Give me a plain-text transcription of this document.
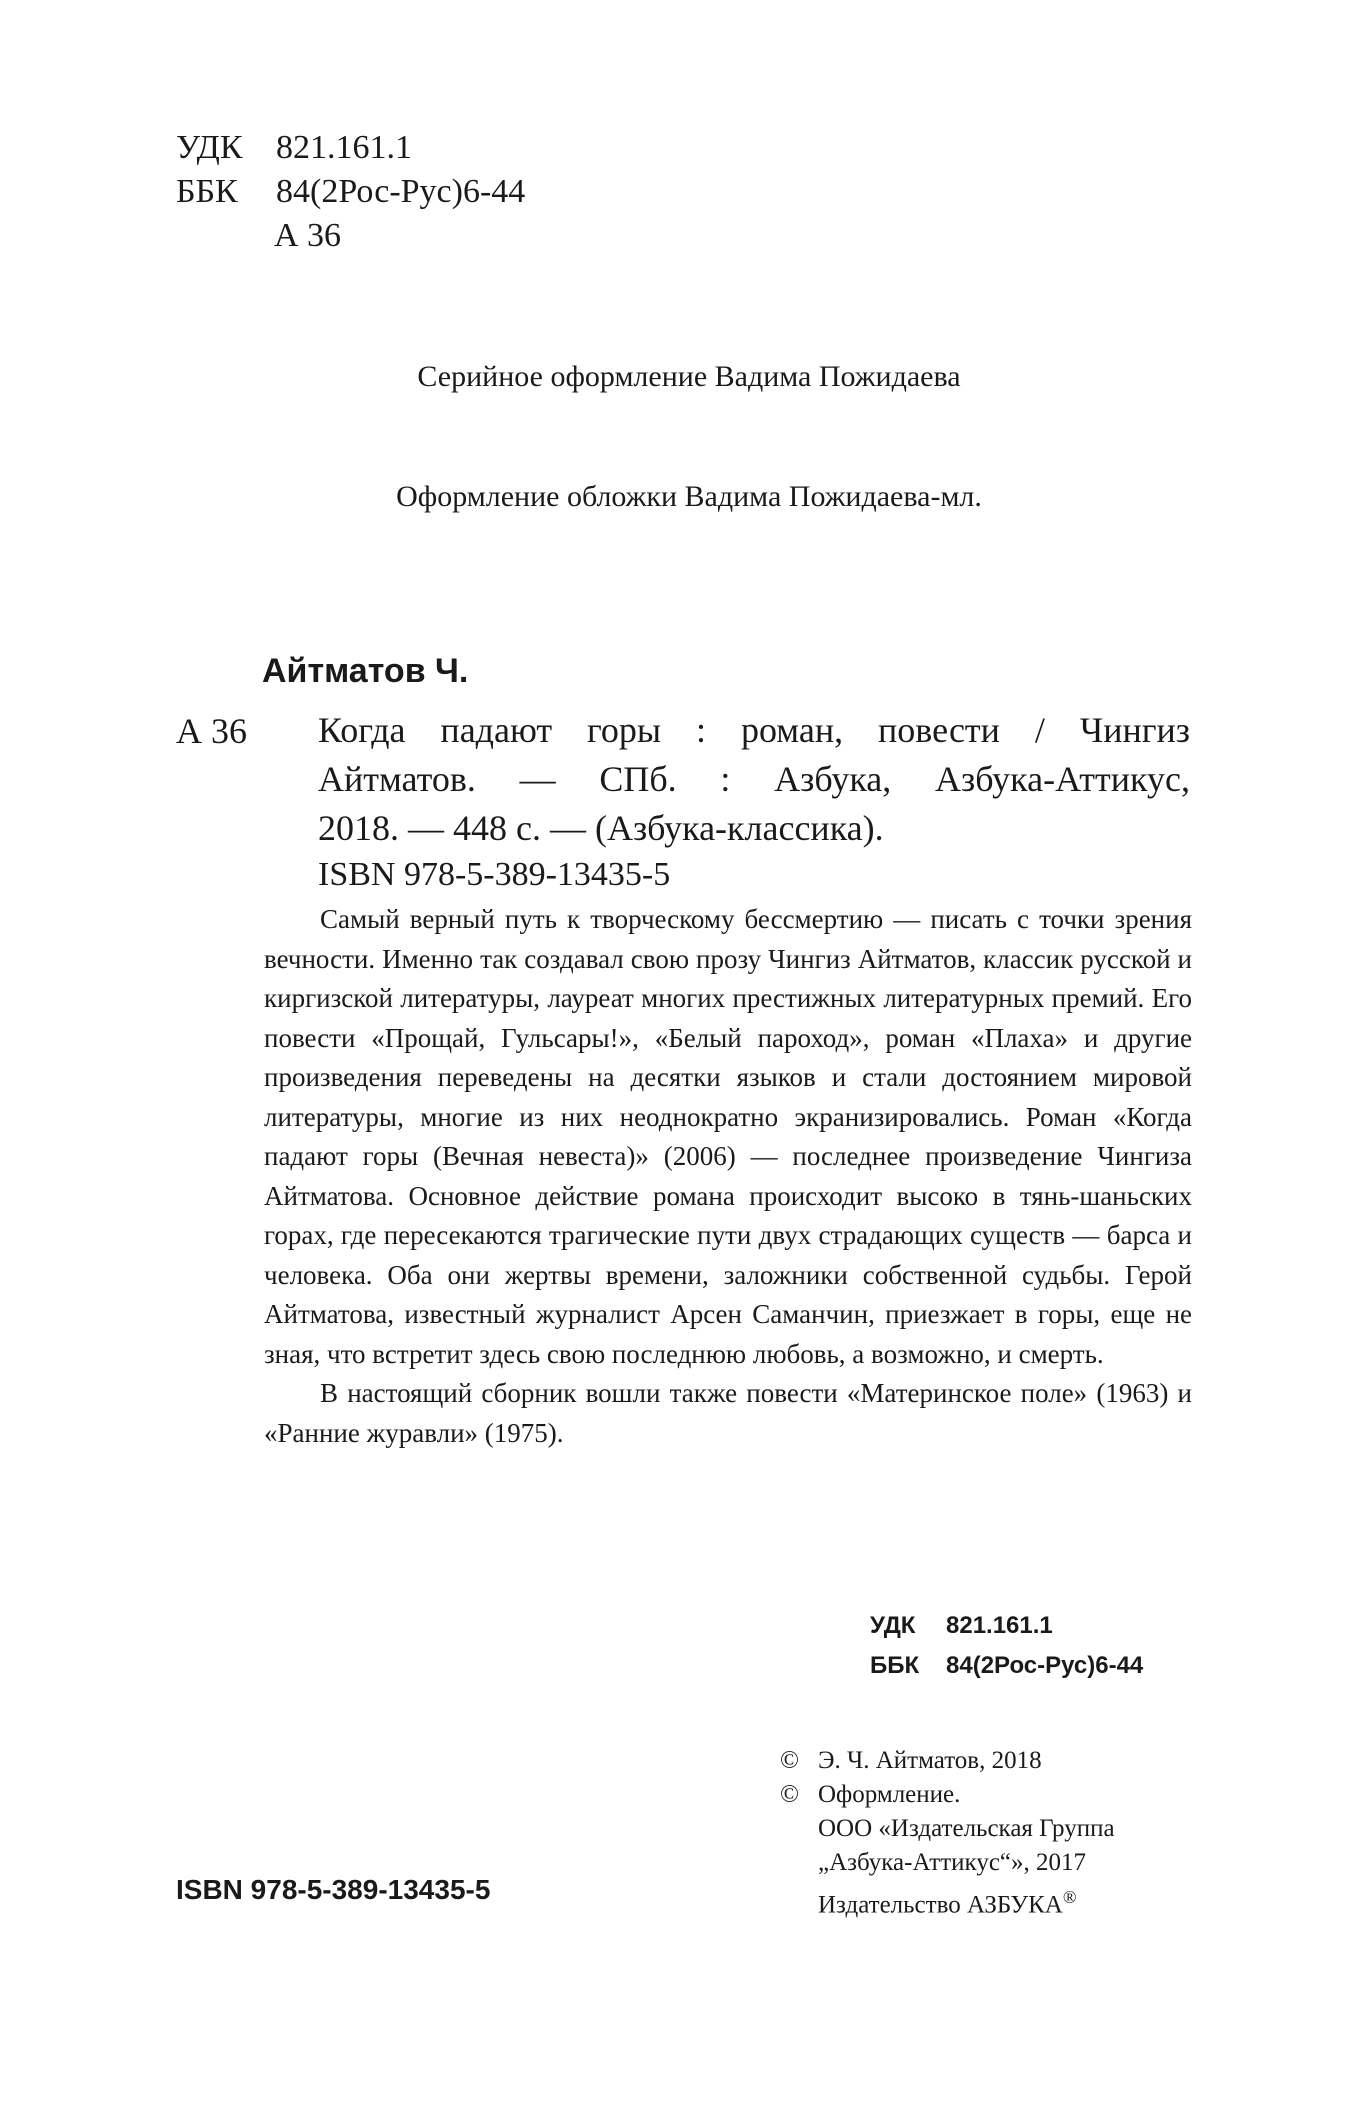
УДК 821.161.1
ББК 84(2Рос-Рус)6-44
А 36
Серийное оформление Вадима Пожидаева
Оформление обложки Вадима Пожидаева-мл.
Айтматов Ч.
А 36 Когда падают горы : роман, повести / Чингиз
Айтматов. — СПб. : Азбука, Азбука-Аттикус,
2018. — 448 с. — (Азбука-классика).
ISBN 978-5-389-13435-5
Самый верный путь к творческому бессмертию — писать с точки зрения вечности. Именно так создавал свою прозу Чингиз Айтматов, классик русской и киргизской литературы, лауреат многих престижных литературных премий. Его повести «Прощай, Гульсары!», «Белый пароход», роман «Плаха» и другие произведения переведены на десятки языков и стали достоянием мировой литературы, многие из них неоднократно экранизировались. Роман «Когда падают горы (Вечная невеста)» (2006) — последнее произведение Чингиза Айтматова. Основное действие романа происходит высоко в тянь-шаньских горах, где пересекаются трагические пути двух страдающих существ — барса и человека. Оба они жертвы времени, заложники собственной судьбы. Герой Айтматова, известный журналист Арсен Саманчин, приезжает в горы, еще не зная, что встретит здесь свою последнюю любовь, а возможно, и смерть.
В настоящий сборник вошли также повести «Материнское поле» (1963) и «Ранние журавли» (1975).
УДК 821.161.1
ББК 84(2Рос-Рус)6-44
© Э. Ч. Айтматов, 2018
© Оформление.
ООО «Издательская Группа
„Азбука-Аттикус“», 2017
Издательство АЗБУКА®
ISBN 978-5-389-13435-5
